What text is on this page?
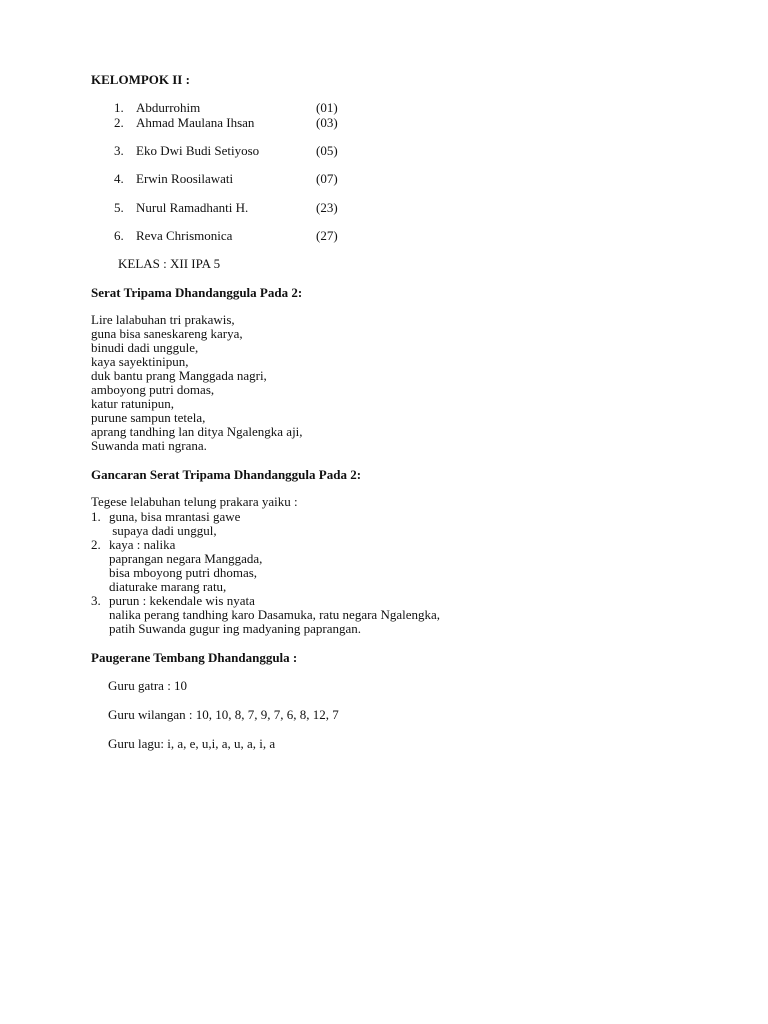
KELOMPOK II :
1. Abdurrohim	(01)
2. Ahmad Maulana Ihsan	(03)
3. Eko Dwi Budi Setiyoso	(05)
4. Erwin Roosilawati	(07)
5. Nurul Ramadhanti H.	(23)
6. Reva Chrismonica	(27)
KELAS : XII IPA 5
Serat Tripama Dhandanggula Pada 2:
Lire lalabuhan tri prakawis,
guna bisa saneskareng karya,
binudi dadi unggule,
kaya sayektinipun,
duk bantu prang Manggada nagri,
amboyong putri domas,
katur ratunipun,
purune sampun tetela,
aprang tandhing lan ditya Ngalengka aji,
Suwanda mati ngrana.
Gancaran Serat Tripama Dhandanggula Pada 2:
Tegese lelabuhan telung prakara yaiku :
1. guna, bisa mrantasi gawe
supaya dadi unggul,
2. kaya : nalika
paprangan negara Manggada,
bisa mboyong putri dhomas,
diaturake marang ratu,
3. purun : kekendale wis nyata
nalika perang tandhing karo Dasamuka, ratu negara Ngalengka,
patih Suwanda gugur ing madyaning paprangan.
Paugerane Tembang Dhandanggula :
Guru gatra : 10
Guru wilangan : 10, 10, 8, 7, 9, 7, 6, 8, 12, 7
Guru lagu: i, a, e, u,i, a, u, a, i, a
